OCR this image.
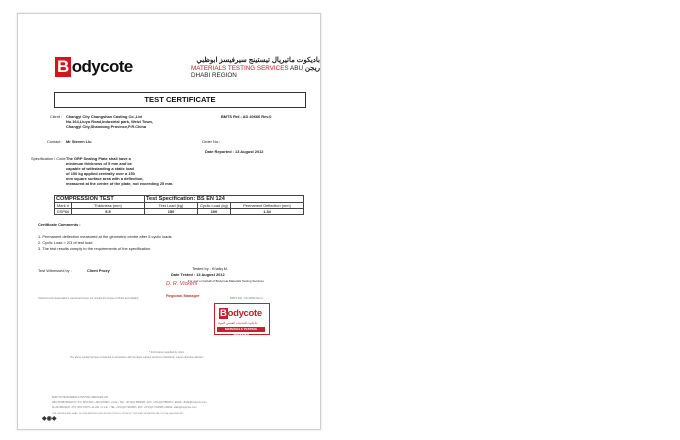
B odycote	بادیکوت ماتیریال تیستینج سیرفیسز ابوظبي ریجن
MATERIALS TESTING SERVICES ABU DHABI REGION
TEST CERTIFICATE
Client : Changyi City Changshan Casting Co.,Ltd
No.164,Liuyu Road,Industrial park, Weizi Town,
Changyi City,Shandong Province,P.R.China
BMTS Ref.: AD 40666 Rev.0
Contact : Mr Steven Liu	Order No.:
Date Reported : 13 August 2012
Specification / Code :
The GRP Sealing Plate shall have a
minimum thickness of 5 mm and be
capable of withstanding a static load
of 150 kg applied centrally over a 150
mm square surface area with a deflection,
measured at the centre of the plate, not exceeding 25 mm.
COMPRESSION TEST		Test Specification: BS EN 124		
Mark #	Thickness (mm)	Test Load (kg)	Cyclic Load (kg)	Permanent Deflection (mm)
GSP66	5.5	150	100	1.34
Certificate Comments :
1. Permanent deflection measured at the geometric centre after 5 cyclic loads.
2. Cyclic Load = 2/3 of test load
3. The test results comply to the requirements of the specification.
Test Witnessed by :	Client Proxy	Tested by : Khaliq M.
Date Tested : 13 August 2012
For and on behalf of Bodycote Materials Testing Services
D. R. Vickers
Regional Manager
Bodycote
بادیکوت للخدمات الفحص المواد
MATERIALS TESTING SERVICES
Opinions and interpretations expressed herein are outside the scope of UKAS accreditation	BMTS Ref.: AD 40666 Rev.0
* Information supplied by client
The above testing has been conducted in accordance with the latest relevant versions of standards, unless otherwise advised.
BODYCOTE MATERIALS TESTING SERVICES LTD
ABU DHABI BRANCH • P.O. BOX 5111 • ABU DHABI • U.A.E. • TEL: +971(0)2 5565340 • FAX: +971(0)2 5565341 • EMAIL: dhabi@bodycote.com
AL AIN BRANCH • P.O. BOX 15475 • AL AIN • U.A.E. • TEL: +971(0)3 7222566 • FAX: +971(0)3 7222586 • EMAIL: alain@bodycote.com
THE CERTIFICATE SHALL NOT BE REPRODUCED EXCEPT IN FULL WITHOUT THE WRITTEN APPROVAL OF THE LABORATORY
◆◉◆
